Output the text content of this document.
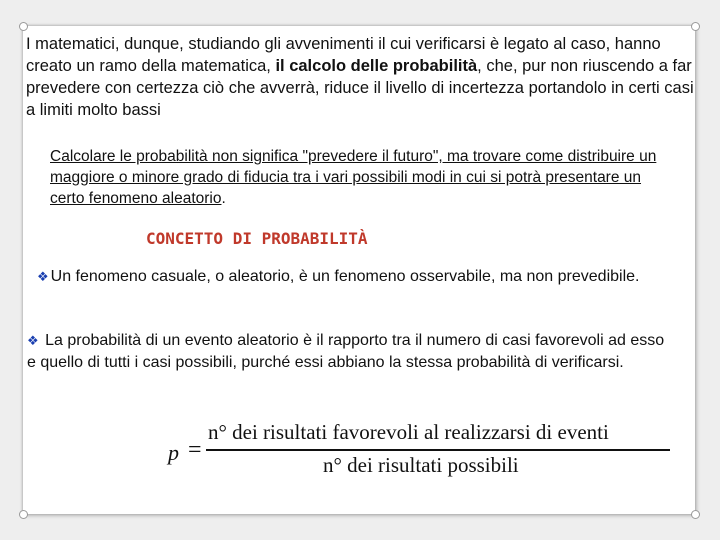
I matematici, dunque, studiando gli avvenimenti il cui verificarsi è legato al caso, hanno creato un ramo della matematica, il calcolo delle probabilità, che, pur non riuscendo a far prevedere con certezza ciò che avverrà, riduce il livello di incertezza portandolo in certi casi a limiti molto bassi
Calcolare le probabilità non significa "prevedere il futuro", ma trovare come distribuire un maggiore o minore grado di fiducia tra i vari possibili modi in cui si potrà presentare un certo fenomeno aleatorio.
CONCETTO DI PROBABILITÀ
❖ Un fenomeno casuale, o aleatorio, è un fenomeno osservabile, ma non prevedibile.
❖ La probabilità di un evento aleatorio è il rapporto tra il numero di casi favorevoli ad esso e quello di tutti i casi possibili, purché essi abbiano la stessa probabilità di verificarsi.
p =
n° dei risultati favorevoli al realizzarsi di eventi
n° dei risultati possibili
